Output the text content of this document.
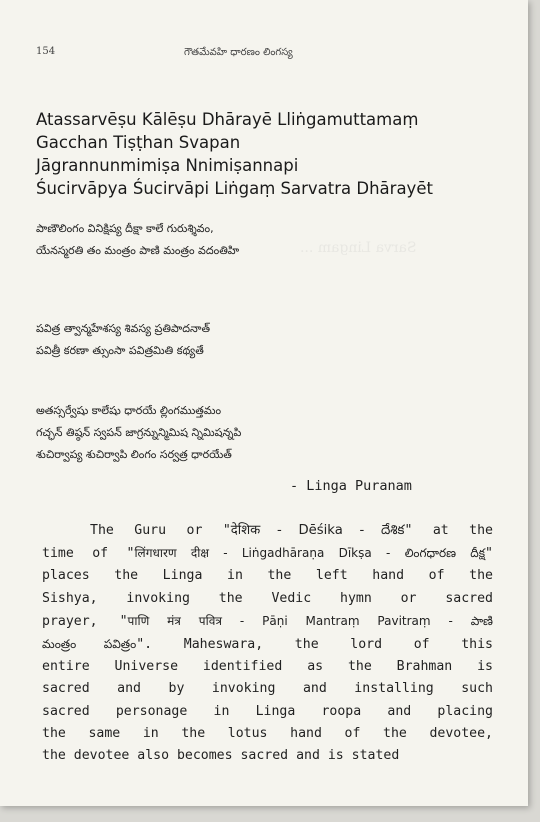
Sarva Lingam ...
154	గౌతమేవహి ధారణం లింగస్య
Atassarvēṣu Kālēṣu Dhārayē Lliṅgamuttamaṃ
Gacchan Tiṣṭhan Svapan
Jāgrannunmimiṣa Nnimiṣannapi
Śucirvāpya Śucirvāpi Liṅgaṃ Sarvatra Dhārayēt
పాణౌలింగం వినిక్షిప్య దీక్షా కాలే గురుశ్శివం,
యేనస్మరతి తం మంత్రం పాణి మంత్రం వదంతిహి
పవిత్ర త్వాన్మహేశస్య శివస్య ప్రతిపాదనాత్
పవిత్రీ కరణా త్సుంసా పవిత్రమితి కథ్యతే
అతస్సర్వేషు కాలేషు ధారయే ల్లింగముత్తమం
గచ్ఛన్ తిష్ఠన్ స్వపన్ జాగ్రన్నున్మిమిష న్నిమిషన్నపి
శుచిర్వాప్య శుచిర్వాపి లింగం సర్వత్ర ధారయేత్
- Linga Puranam
The Guru or "देशिक - Dēśika - దేశిక" at the
time of "लिंगधारण दीक्ष - Liṅgadhāraṇa Dīkṣa - లింగధారణ దీక్ష"
places the Linga in the left hand of the
Sishya, invoking the Vedic hymn or sacred
prayer, "पाणि मंत्र पवित्र - Pāṇi Mantraṃ Pavitraṃ - పాణి
మంత్రం పవిత్రం". Maheswara, the lord of this
entire Universe identified as the Brahman is
sacred and by invoking and installing such
sacred personage in Linga roopa and placing
the same in the lotus hand of the devotee,
the devotee also becomes sacred and is stated
